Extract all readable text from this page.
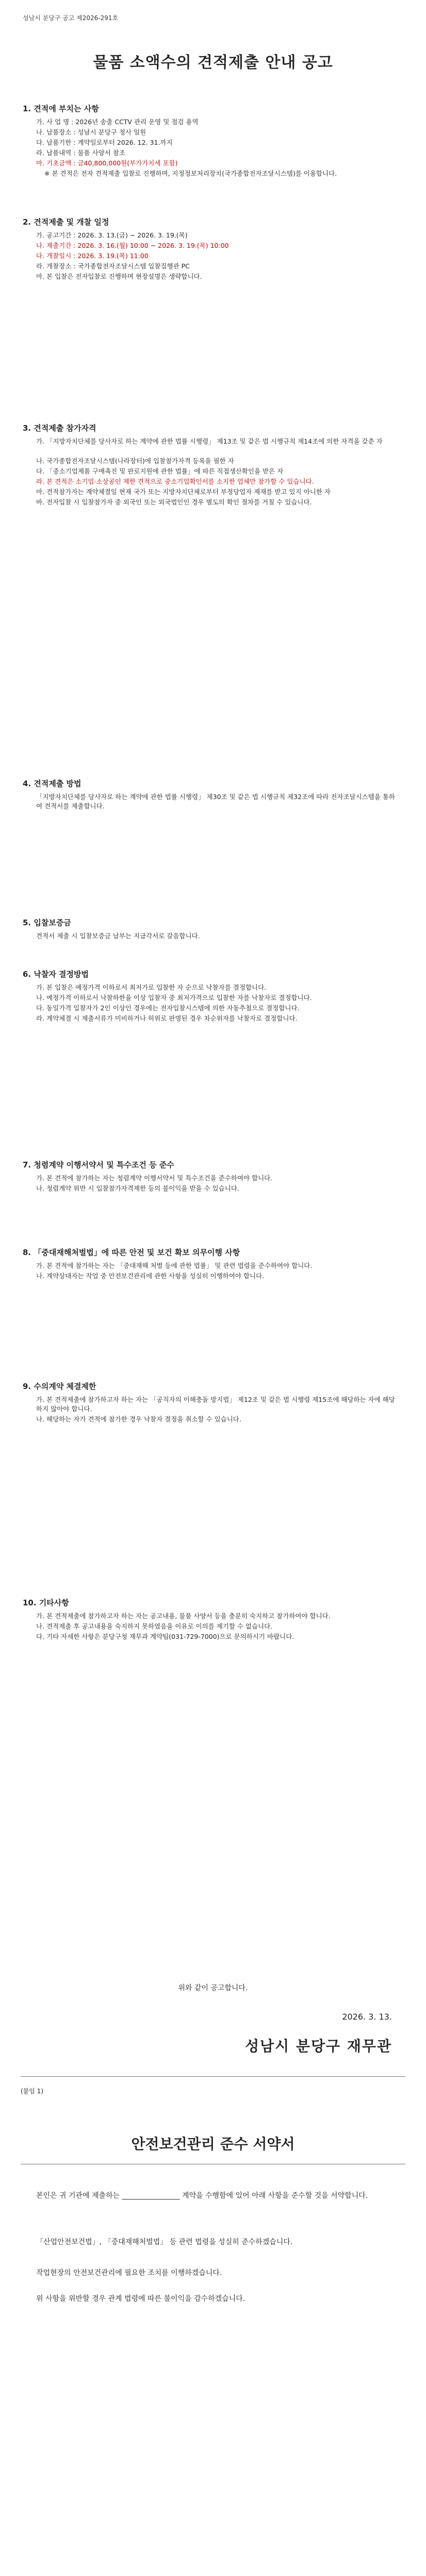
성남시 분당구 공고 제2026-291호
물품 소액수의 견적제출 안내 공고
1. 견적에 부치는 사항
가. 사 업 명 : 2026년 송출 CCTV 관리 운영 및 점검 용역
나. 납품장소 : 성남시 분당구 청사 일원
다. 납품기한 : 계약일로부터 2026. 12. 31.까지
라. 납품내역 : 물품 사양서 참조
마. 기초금액 : 금40,800,000원(부가가치세 포함)
※ 본 견적은 전자 견적제출 입찰로 진행하며, 지정정보처리장치(국가종합전자조달시스템)를 이용합니다.
2. 견적제출 및 개찰 일정
가. 공고기간 : 2026. 3. 13.(금) ~ 2026. 3. 19.(목)
나. 제출기간 : 2026. 3. 16.(월) 10:00 ~ 2026. 3. 19.(목) 10:00
다. 개찰일시 : 2026. 3. 19.(목) 11:00
라. 개찰장소 : 국가종합전자조달시스템 입찰집행관 PC
마. 본 입찰은 전자입찰로 진행하며 현장설명은 생략합니다.
3. 견적제출 참가자격
가. 「지방자치단체를 당사자로 하는 계약에 관한 법률 시행령」 제13조 및 같은 법 시행규칙 제14조에 의한 자격을 갖춘 자
나. 국가종합전자조달시스템(나라장터)에 입찰참가자격 등록을 필한 자
다. 「중소기업제품 구매촉진 및 판로지원에 관한 법률」에 따른 직접생산확인을 받은 자
라. 본 견적은 소기업·소상공인 제한 견적으로 중소기업확인서를 소지한 업체만 참가할 수 있습니다.
마. 견적참가자는 계약체결일 현재 국가 또는 지방자치단체로부터 부정당업자 제재를 받고 있지 아니한 자
바. 전자입찰 시 입찰참가자 중 외국인 또는 외국법인인 경우 별도의 확인 절차를 거칠 수 있습니다.
4. 견적제출 방법
「지방자치단체를 당사자로 하는 계약에 관한 법률 시행령」 제30조 및 같은 법 시행규칙 제32조에 따라 전자조달시스템을 통하여 견적서를 제출합니다.
5. 입찰보증금
견적서 제출 시 입찰보증금 납부는 지급각서로 갈음합니다.
6. 낙찰자 결정방법
가. 본 입찰은 예정가격 이하로서 최저가로 입찰한 자 순으로 낙찰자를 결정합니다.
나. 예정가격 이하로서 낙찰하한율 이상 입찰자 중 최저가격으로 입찰한 자를 낙찰자로 결정합니다.
다. 동일가격 입찰자가 2인 이상인 경우에는 전자입찰시스템에 의한 자동추첨으로 결정합니다.
라. 계약체결 시 제출서류가 미비하거나 허위로 판명된 경우 차순위자를 낙찰자로 결정합니다.
7. 청렴계약 이행서약서 및 특수조건 등 준수
가. 본 견적에 참가하는 자는 청렴계약 이행서약서 및 특수조건을 준수하여야 합니다.
나. 청렴계약 위반 시 입찰참가자격제한 등의 불이익을 받을 수 있습니다.
8. 「중대재해처벌법」에 따른 안전 및 보건 확보 의무이행 사항
가. 본 견적에 참가하는 자는 「중대재해 처벌 등에 관한 법률」 및 관련 법령을 준수하여야 합니다.
나. 계약상대자는 작업 중 안전보건관리에 관한 사항을 성실히 이행하여야 합니다.
9. 수의계약 체결제한
가. 본 견적제출에 참가하고자 하는 자는 「공직자의 이해충돌 방지법」 제12조 및 같은 법 시행령 제15조에 해당하는 자에 해당하지 않아야 합니다.
나. 해당하는 자가 견적에 참가한 경우 낙찰자 결정을 취소할 수 있습니다.
10. 기타사항
가. 본 견적제출에 참가하고자 하는 자는 공고내용, 물품 사양서 등을 충분히 숙지하고 참가하여야 합니다.
나. 견적제출 후 공고내용을 숙지하지 못하였음을 이유로 이의를 제기할 수 없습니다.
다. 기타 자세한 사항은 분당구청 재무과 계약팀(031-729-7000)으로 문의하시기 바랍니다.
위와 같이 공고합니다.
2026. 3. 13.
성남시 분당구 재무관
(붙임 1)
안전보건관리 준수 서약서
본인은 귀 기관에 제출하는 ________________ 계약을 수행함에 있어 아래 사항을 준수할 것을 서약합니다.
「산업안전보건법」, 「중대재해처벌법」 등 관련 법령을 성실히 준수하겠습니다.
작업현장의 안전보건관리에 필요한 조치를 이행하겠습니다.
위 사항을 위반할 경우 관계 법령에 따른 불이익을 감수하겠습니다.
